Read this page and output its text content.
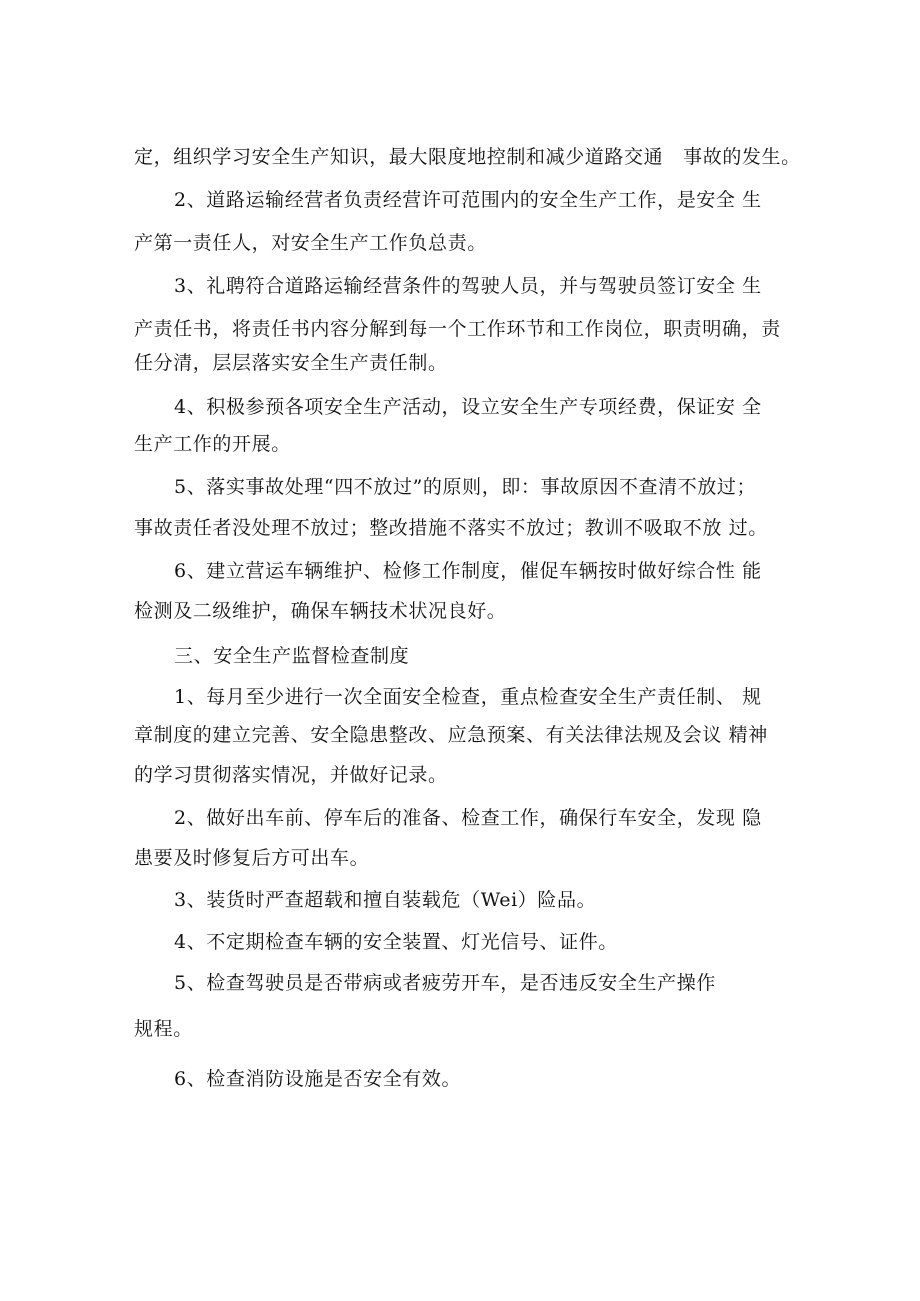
定，组织学习安全生产知识，最大限度地控制和减少道路交通   事故的发生。
2、道路运输经营者负责经营许可范围内的安全生产工作，是安全 生
产第一责任人，对安全生产工作负总责。
3、礼聘符合道路运输经营条件的驾驶人员，并与驾驶员签订安全 生
产责任书，将责任书内容分解到每一个工作环节和工作岗位，职责明确，责
任分清，层层落实安全生产责任制。
4、积极参预各项安全生产活动，设立安全生产专项经费，保证安 全
生产工作的开展。
5、落实事故处理“四不放过”的原则，即：事故原因不查清不放过；
事故责任者没处理不放过；整改措施不落实不放过；教训不吸取不放 过。
6、建立营运车辆维护、检修工作制度，催促车辆按时做好综合性 能
检测及二级维护，确保车辆技术状况良好。
三、安全生产监督检查制度
1、每月至少进行一次全面安全检查，重点检查安全生产责任制、 规
章制度的建立完善、安全隐患整改、应急预案、有关法律法规及会议 精神
的学习贯彻落实情况，并做好记录。
2、做好出车前、停车后的准备、检查工作，确保行车安全，发现 隐
患要及时修复后方可出车。
3、装货时严查超载和擅自装载危（Wei）险品。
4、不定期检查车辆的安全装置、灯光信号、证件。
5、检查驾驶员是否带病或者疲劳开车，是否违反安全生产操作
规程。
6、检查消防设施是否安全有效。
